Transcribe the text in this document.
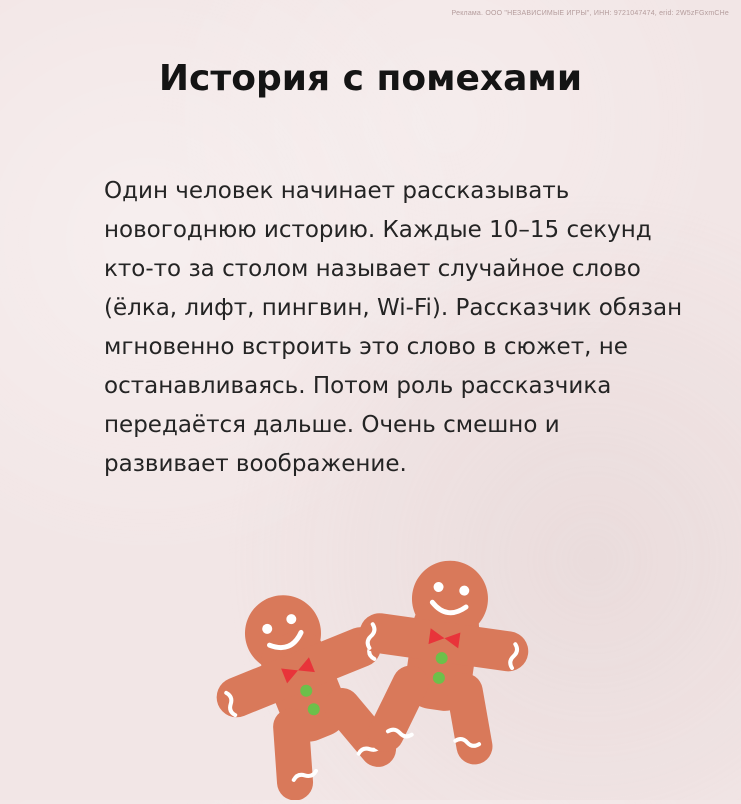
Реклама. ООО "НЕЗАВИСИМЫЕ ИГРЫ", ИНН: 9721047474, erid: 2W5zFGxmCHe
История с помехами

Один человек начинает рассказывать новогоднюю историю. Каждые 10–15 секунд кто-то за столом называет случайное слово (ёлка, лифт, пингвин, Wi-Fi). Рассказчик обязан мгновенно встроить это слово в сюжет, не останавливаясь. Потом роль рассказчика передаётся дальше. Очень смешно и развивает воображение.
